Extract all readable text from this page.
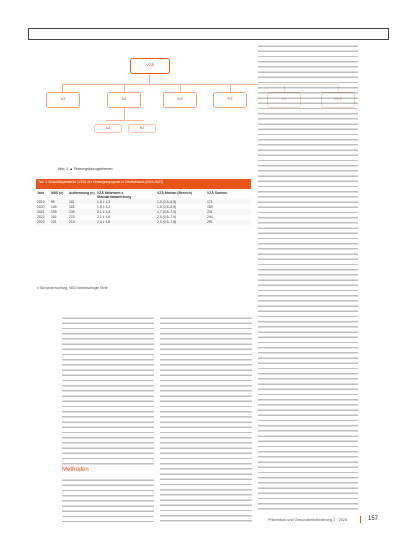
VZÄ
VZ	ÄZ	KZ	PZ
AZ	HZ
Abb. 1 ▲ Planungsbezugsebenen
Tab. 1 Vollzeitäquivalente (VZÄ) der Versorgungsquote in Deutschland (2019-2023)
Jahr	NBS (n)	Auftrennung (n)	VZÄ Mittelwert ± Standardabweichung	VZÄ Median (Bereich)	VZÄ Summe
2019	95	161	1,8 ± 1,3	1,5 (0,5–6,5)	171
2020	105	118	1,8 ± 1,2	1,5 (0,5–6,5)	189
2021	109	139	2,1 ± 1,4	1,7 (0,5–7,0)	231
2022	116	223	2,1 ± 1,5	2,0 (0,5–7,0)	244
2023	121	215	2,4 ± 1,8	2,0 (0,5–7,8)	291
n Stichprobenumfang, NBS Netzbeauftragte Stelle
Methoden
Prävention und Gesundheitsförderung 2 · 2025	157
